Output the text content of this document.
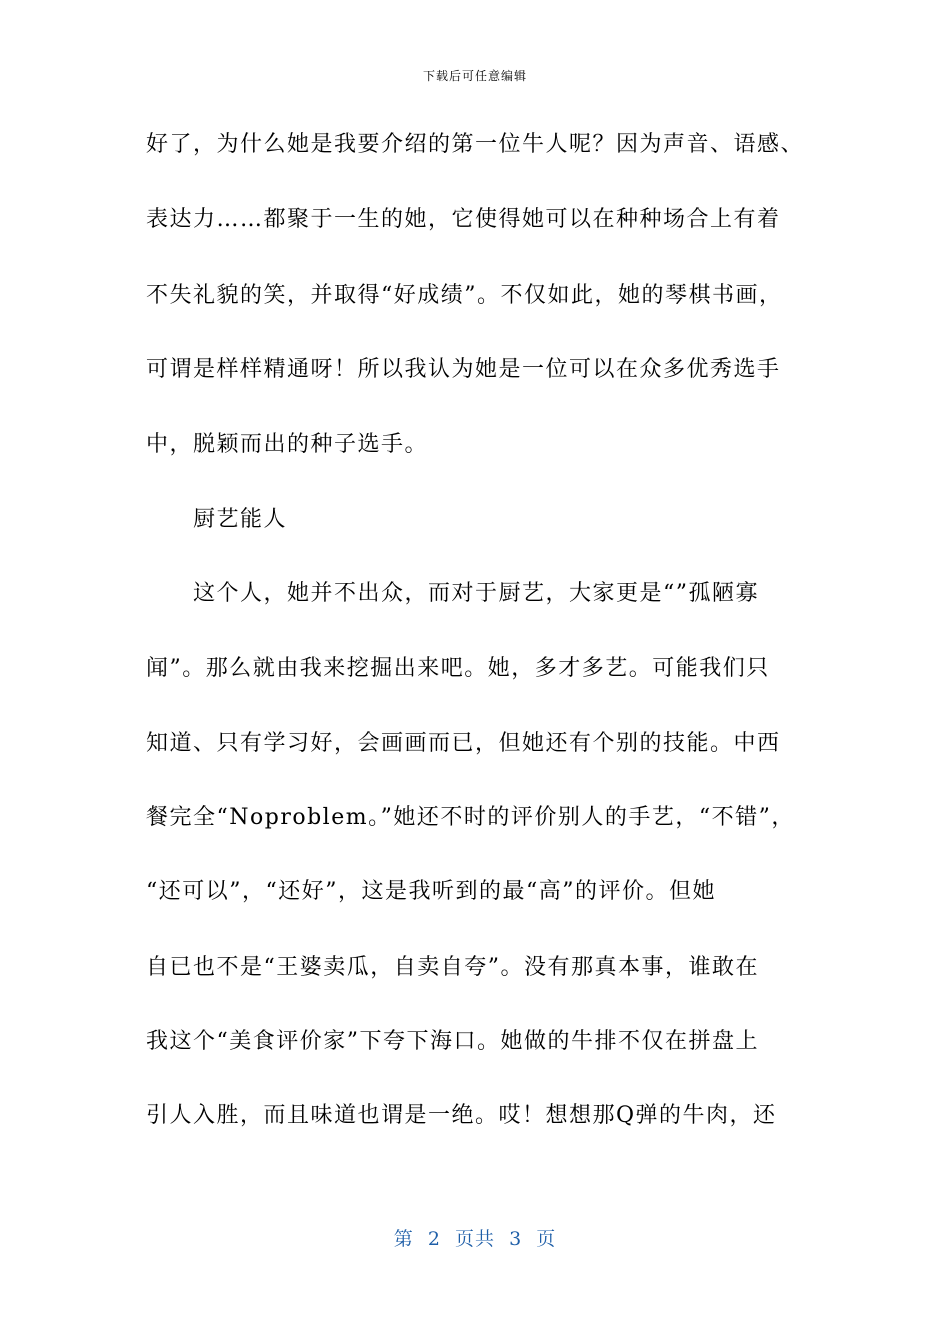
下载后可任意编辑
好了，为什么她是我要介绍的第一位牛人呢？因为声音、语感、
表达力……都聚于一生的她，它使得她可以在种种场合上有着
不失礼貌的笑，并取得“好成绩”。不仅如此，她的琴棋书画，
可谓是样样精通呀！所以我认为她是一位可以在众多优秀选手
中，脱颖而出的种子选手。
厨艺能人
这个人，她并不出众，而对于厨艺，大家更是“”孤陋寡
闻”。那么就由我来挖掘出来吧。她，多才多艺。可能我们只
知道、只有学习好，会画画而已，但她还有个别的技能。中西
餐完全“Noproblem。”她还不时的评价别人的手艺，“不错”，
“还可以”，“还好”，这是我听到的最“高”的评价。但她
自已也不是“王婆卖瓜，自卖自夸”。没有那真本事，谁敢在
我这个“美食评价家”下夸下海口。她做的牛排不仅在拼盘上
引人入胜，而且味道也谓是一绝。哎！想想那Q弹的牛肉，还
第  2  页共  3  页
